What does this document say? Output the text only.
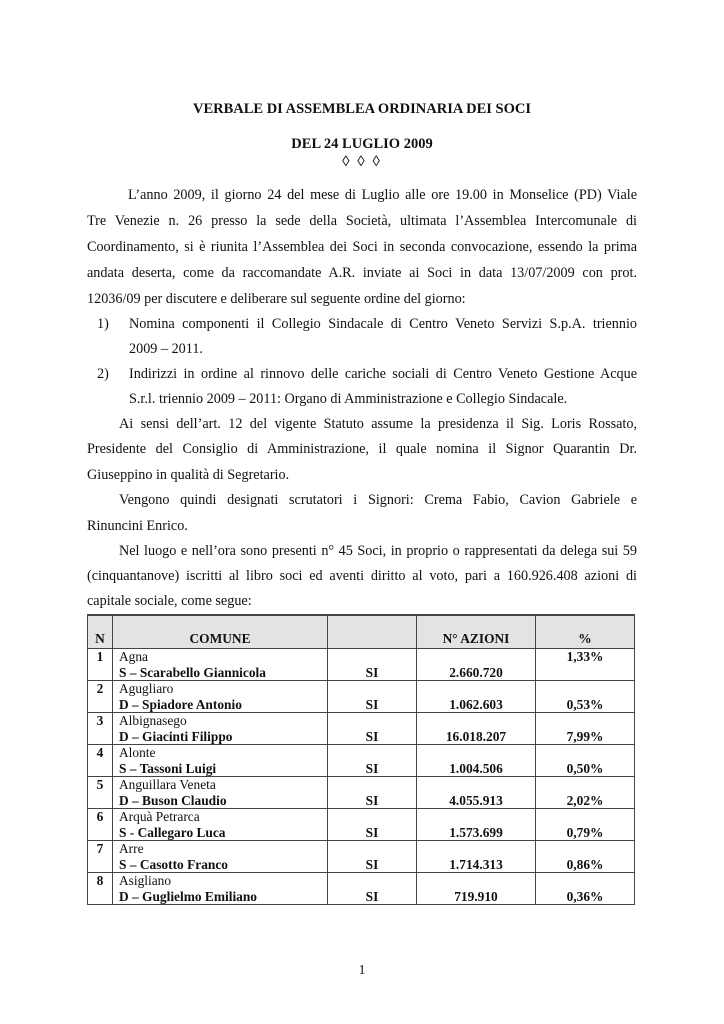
VERBALE DI ASSEMBLEA ORDINARIA DEI SOCI
DEL 24 LUGLIO 2009
◊ ◊ ◊
L’anno 2009, il giorno 24 del mese di Luglio alle ore 19.00 in Monselice (PD) Viale
Tre Venezie n. 26 presso la sede della Società, ultimata l’Assemblea Intercomunale di
Coordinamento, si è riunita l’Assemblea dei Soci in seconda convocazione, essendo la prima
andata deserta, come da raccomandate A.R. inviate ai Soci in data 13/07/2009 con prot.
12036/09 per discutere e deliberare sul seguente ordine del giorno:
1) Nomina componenti il Collegio Sindacale di Centro Veneto Servizi S.p.A. triennio
2009 – 2011.
2) Indirizzi in ordine al rinnovo delle cariche sociali di Centro Veneto Gestione Acque
S.r.l. triennio 2009 – 2011: Organo di Amministrazione e Collegio Sindacale.
Ai sensi dell’art. 12 del vigente Statuto assume la presidenza il Sig. Loris Rossato,
Presidente del Consiglio di Amministrazione, il quale nomina il Signor Quarantin Dr.
Giuseppino in qualità di Segretario.
Vengono quindi designati scrutatori i Signori: Crema Fabio, Cavion Gabriele e
Rinuncini Enrico.
Nel luogo e nell’ora sono presenti n° 45 Soci, in proprio o rappresentati da delega sui 59
(cinquantanove) iscritti al libro soci ed aventi diritto al voto, pari a 160.926.408 azioni di
capitale sociale, come segue:
N	COMUNE		N° AZIONI	%
1	Agna			1,33%
	S – Scarabello Giannicola	SI	2.660.720	
2	Agugliaro			
	D – Spiadore Antonio	SI	1.062.603	0,53%
3	Albignasego			
	D – Giacinti Filippo	SI	16.018.207	7,99%
4	Alonte			
	S – Tassoni Luigi	SI	1.004.506	0,50%
5	Anguillara Veneta			
	D – Buson Claudio	SI	4.055.913	2,02%
6	Arquà Petrarca			
	S - Callegaro Luca	SI	1.573.699	0,79%
7	Arre			
	S – Casotto Franco	SI	1.714.313	0,86%
8	Asigliano			
	D – Guglielmo Emiliano	SI	719.910	0,36%
1
